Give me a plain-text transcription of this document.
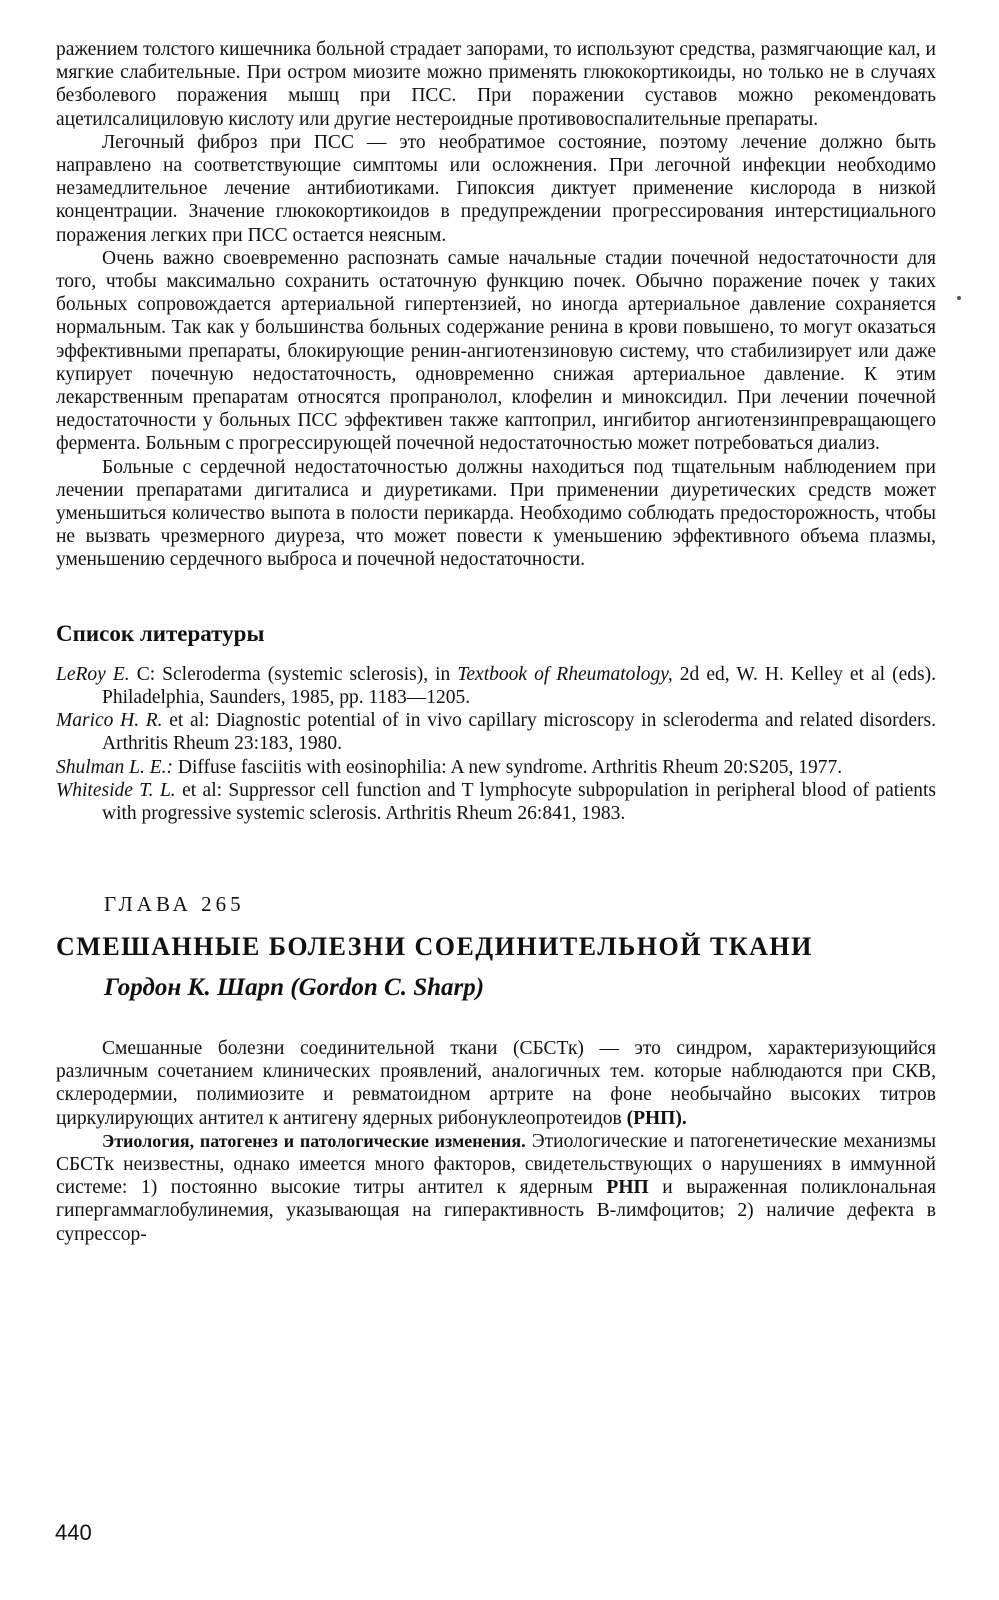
ражением толстого кишечника больной страдает запорами, то используют средства, размягчающие кал, и мягкие слабительные. При остром миозите можно применять глюкокортикоиды, но только не в случаях безболевого поражения мышц при ПСС. При поражении суставов можно рекомендовать ацетилсалициловую кислоту или другие нестероидные противовоспалительные препараты.

Легочный фиброз при ПСС — это необратимое состояние, поэтому лечение должно быть направлено на соответствующие симптомы или осложнения. При легочной инфекции необходимо незамедлительное лечение антибиотиками. Гипоксия диктует применение кислорода в низкой концентрации. Значение глюкокортикоидов в предупреждении прогрессирования интерстициального поражения легких при ПСС остается неясным.

Очень важно своевременно распознать самые начальные стадии почечной недостаточности для того, чтобы максимально сохранить остаточную функцию почек. Обычно поражение почек у таких больных сопровождается артериальной гипертензией, но иногда артериальное давление сохраняется нормальным. Так как у большинства больных содержание ренина в крови повышено, то могут оказаться эффективными препараты, блокирующие ренин-ангиотензиновую систему, что стабилизирует или даже купирует почечную недостаточность, одновременно снижая артериальное давление. К этим лекарственным препаратам относятся пропранолол, клофелин и миноксидил. При лечении почечной недостаточности у больных ПСС эффективен также каптоприл, ингибитор ангиотензинпревращающего фермента. Больным с прогрессирующей почечной недостаточностью может потребоваться диализ.

Больные с сердечной недостаточностью должны находиться под тщательным наблюдением при лечении препаратами дигиталиса и диуретиками. При применении диуретических средств может уменьшиться количество выпота в полости перикарда. Необходимо соблюдать предосторожность, чтобы не вызвать чрезмерного диуреза, что может повести к уменьшению эффективного объема плазмы, уменьшению сердечного выброса и почечной недостаточности.

Список литературы
LeRoy E. C: Scleroderma (systemic sclerosis), in Textbook of Rheumatology, 2d ed, W. H. Kelley et al (eds). Philadelphia, Saunders, 1985, pp. 1183—1205.
Marico H. R. et al: Diagnostic potential of in vivo capillary microscopy in scleroderma and related disorders. Arthritis Rheum 23:183, 1980.
Shulman L. E.: Diffuse fasciitis with eosinophilia: A new syndrome. Arthritis Rheum 20:S205, 1977.
Whiteside T. L. et al: Suppressor cell function and T lymphocyte subpopulation in peripheral blood of patients with progressive systemic sclerosis. Arthritis Rheum 26:841, 1983.
ГЛАВА 265
СМЕШАННЫЕ БОЛЕЗНИ СОЕДИНИТЕЛЬНОЙ ТКАНИ
Гордон К. Шарп (Gordon С. Sharp)

Смешанные болезни соединительной ткани (СБСТк) — это синдром, характеризующийся различным сочетанием клинических проявлений, аналогичных тем. которые наблюдаются при СКВ, склеродермии, полимиозите и ревматоидном артрите на фоне необычайно высоких титров циркулирующих антител к антигену ядерных рибонуклеопротеидов (РНП).

Этиология, патогенез и патологические изменения. Этиологические и патогенетические механизмы СБСТк неизвестны, однако имеется много факторов, свидетельствующих о нарушениях в иммунной системе: 1) постоянно высокие титры антител к ядерным РНП и выраженная поликлональная гипергаммаглобулинемия, указывающая на гиперактивность В-лимфоцитов; 2) наличие дефекта в супрессор-

440
